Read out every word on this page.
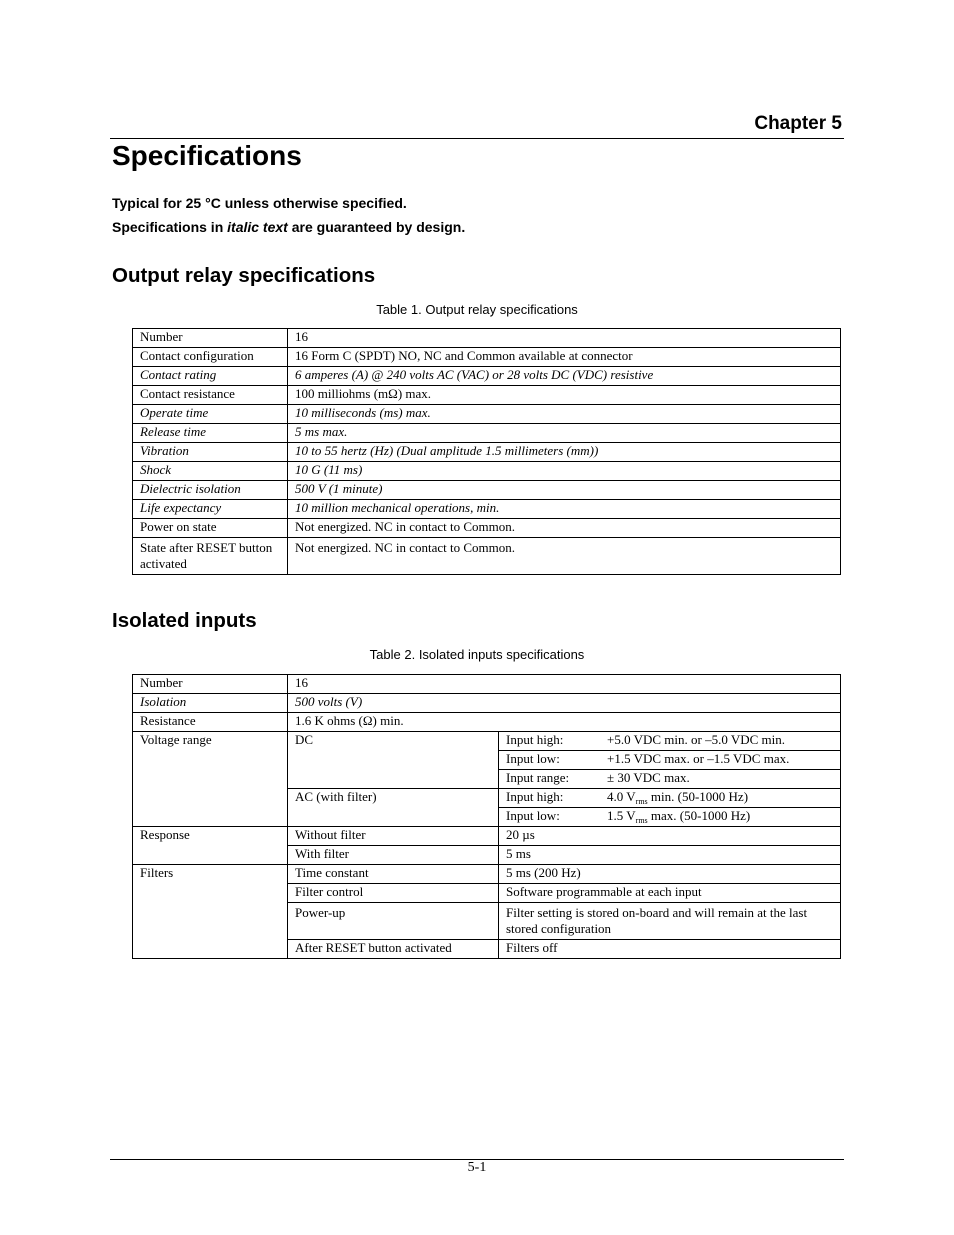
Chapter 5
Specifications
Typical for 25 °C unless otherwise specified.
Specifications in italic text are guaranteed by design.
Output relay specifications
Table 1. Output relay specifications
Number	16
Contact configuration	16 Form C (SPDT) NO, NC and Common available at connector
Contact rating	6 amperes (A) @ 240 volts AC (VAC) or 28 volts DC (VDC) resistive
Contact resistance	100 milliohms (mΩ) max.
Operate time	10 milliseconds (ms) max.
Release time	5 ms max.
Vibration	10 to 55 hertz (Hz) (Dual amplitude 1.5 millimeters (mm))
Shock	10 G (11 ms)
Dielectric isolation	500 V (1 minute)
Life expectancy	10 million mechanical operations, min.
Power on state	Not energized. NC in contact to Common.
State after RESET button activated	Not energized. NC in contact to Common.
Isolated inputs
Table 2. Isolated inputs specifications
Number	16	
Isolation	500 volts (V)	
Resistance	1.6 K ohms (Ω) min.	
Voltage range	DC	Input high: +5.0 VDC min. or –5.0 VDC min.
		Input low: +1.5 VDC max. or –1.5 VDC max.
		Input range: ± 30 VDC max.
	AC (with filter)	Input high: 4.0 $V_{rms}$ min. (50-1000 Hz)
		Input low: 1.5 $V_{rms}$ max. (50-1000 Hz)
Response	Without filter	20 µs
	With filter	5 ms
Filters	Time constant	5 ms (200 Hz)
	Filter control	Software programmable at each input
	Power-up	Filter setting is stored on-board and will remain at the last stored configuration
	After RESET button activated	Filters off
5-1
